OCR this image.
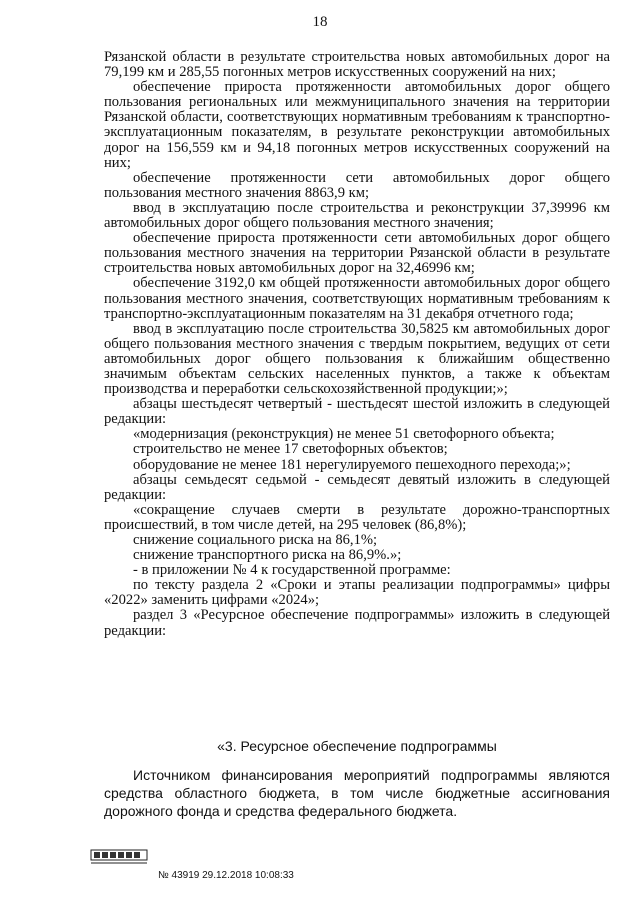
18

Рязанской области в результате строительства новых автомобильных дорог на 79,199 км и 285,55 погонных метров искусственных сооружений на них;

обеспечение прироста протяженности автомобильных дорог общего пользования региональных или межмуниципального значения на территории Рязанской области, соответствующих нормативным требованиям к транспортно-эксплуатационным показателям, в результате реконструкции автомобильных дорог на 156,559 км и 94,18 погонных метров искусственных сооружений на них;

обеспечение протяженности сети автомобильных дорог общего пользования местного значения 8863,9 км;

ввод в эксплуатацию после строительства и реконструкции 37,39996 км автомобильных дорог общего пользования местного значения;

обеспечение прироста протяженности сети автомобильных дорог общего пользования местного значения на территории Рязанской области в результате строительства новых автомобильных дорог на 32,46996 км;

обеспечение 3192,0 км общей протяженности автомобильных дорог общего пользования местного значения, соответствующих нормативным требованиям к транспортно-эксплуатационным показателям на 31 декабря отчетного года;

ввод в эксплуатацию после строительства 30,5825 км автомобильных дорог общего пользования местного значения с твердым покрытием, ведущих от сети автомобильных дорог общего пользования к ближайшим общественно значимым объектам сельских населенных пунктов, а также к объектам производства и переработки сельскохозяйственной продукции;»;

абзацы шестьдесят четвертый - шестьдесят шестой изложить в следующей редакции:

«модернизация (реконструкция) не менее 51 светофорного объекта;

строительство не менее 17 светофорных объектов;

оборудование не менее 181 нерегулируемого пешеходного перехода;»;

абзацы семьдесят седьмой - семьдесят девятый изложить в следующей редакции:

«сокращение случаев смерти в результате дорожно-транспортных происшествий, в том числе детей, на 295 человек (86,8%);

снижение социального риска на 86,1%;

снижение транспортного риска на 86,9%.»;

- в приложении № 4 к государственной программе:

по тексту раздела 2 «Сроки и этапы реализации подпрограммы» цифры «2022» заменить цифрами «2024»;

раздел 3 «Ресурсное обеспечение подпрограммы» изложить в следующей редакции:

«3. Ресурсное обеспечение подпрограммы

Источником финансирования мероприятий подпрограммы являются средства областного бюджета, в том числе бюджетные ассигнования дорожного фонда и средства федерального бюджета.

№ 43919 29.12.2018 10:08:33
